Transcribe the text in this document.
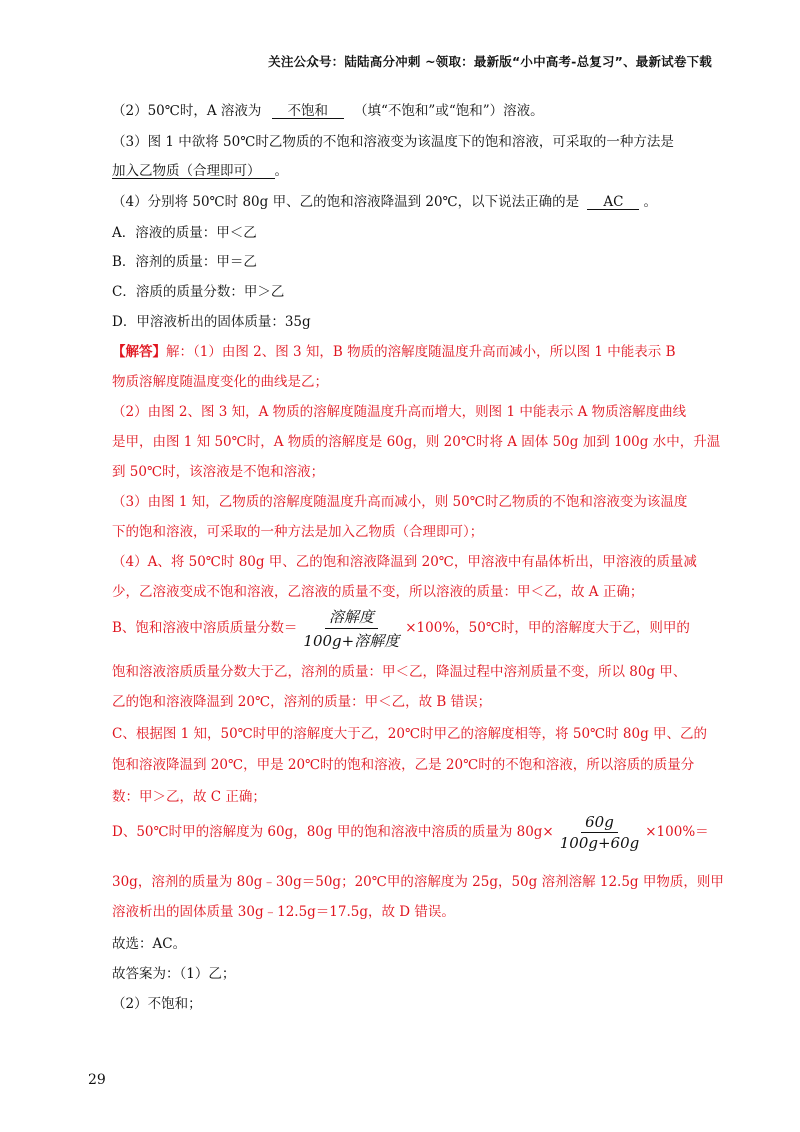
关注公众号：陆陆高分冲刺 ~领取：最新版“小中高考-总复习”、最新试卷下载
（2）50℃时，A 溶液为 不饱和 （填“不饱和”或“饱和”）溶液。
（3）图 1 中欲将 50℃时乙物质的不饱和溶液变为该温度下的饱和溶液，可采取的一种方法是
加入乙物质（合理即可） 。
（4）分别将 50℃时 80g 甲、乙的饱和溶液降温到 20℃，以下说法正确的是 AC 。
A．溶液的质量：甲＜乙
B．溶剂的质量：甲＝乙
C．溶质的质量分数：甲＞乙
D．甲溶液析出的固体质量：35g
【解答】解：（1）由图 2、图 3 知，B 物质的溶解度随温度升高而减小，所以图 1 中能表示 B
物质溶解度随温度变化的曲线是乙；
（2）由图 2、图 3 知，A 物质的溶解度随温度升高而增大，则图 1 中能表示 A 物质溶解度曲线
是甲，由图 1 知 50℃时，A 物质的溶解度是 60g，则 20℃时将 A 固体 50g 加到 100g 水中，升温
到 50℃时，该溶液是不饱和溶液；
（3）由图 1 知，乙物质的溶解度随温度升高而减小，则 50℃时乙物质的不饱和溶液变为该温度
下的饱和溶液，可采取的一种方法是加入乙物质（合理即可）；
（4）A、将 50℃时 80g 甲、乙的饱和溶液降温到 20℃，甲溶液中有晶体析出，甲溶液的质量减
少，乙溶液变成不饱和溶液，乙溶液的质量不变，所以溶液的质量：甲＜乙，故 A 正确；
B、饱和溶液中溶质质量分数＝ $\frac{\text{溶解度}}{\text{100g+溶解度}} \times 100\%$，50℃时，甲的溶解度大于乙，则甲的
饱和溶液溶质质量分数大于乙，溶剂的质量：甲＜乙，降温过程中溶剂质量不变，所以 80g 甲、
乙的饱和溶液降温到 20℃，溶剂的质量：甲＜乙，故 B 错误；
C、根据图 1 知，50℃时甲的溶解度大于乙，20℃时甲乙的溶解度相等，将 50℃时 80g 甲、乙的
饱和溶液降温到 20℃，甲是 20℃时的饱和溶液，乙是 20℃时的不饱和溶液，所以溶质的质量分
数：甲＞乙，故 C 正确；
D、50℃时甲的溶解度为 60g，80g 甲的饱和溶液中溶质的质量为 $80g\times \frac{60g}{100g+60g} \times 100\%=$
30g，溶剂的质量为 80g﹣30g＝50g；20℃甲的溶解度为 25g，50g 溶剂溶解 12.5g 甲物质，则甲
溶液析出的固体质量 30g﹣12.5g＝17.5g，故 D 错误。
故选：AC。
故答案为：（1）乙；
（2）不饱和；
29
